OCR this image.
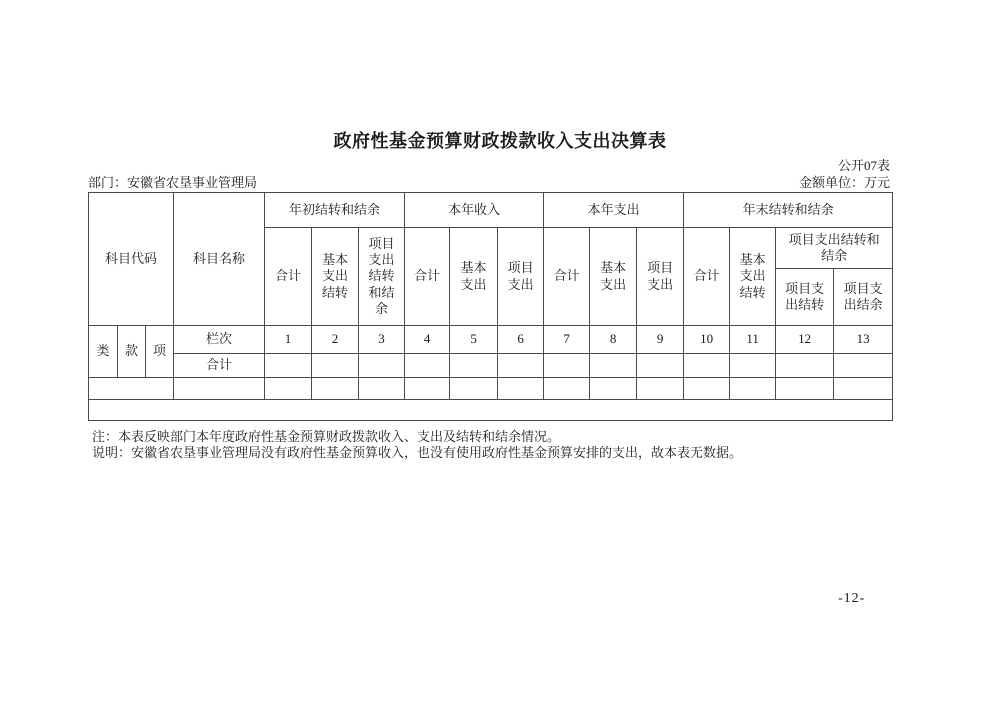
政府性基金预算财政拨款收入支出决算表
公开07表
部门：安徽省农垦事业管理局	金额单位：万元
科目代码			科目名称	年初结转和结余			本年收入			本年支出			年末结转和结余			
				合计	基本支出结转	项目支出结转和结余	合计	基本支出	项目支出	合计	基本支出	项目支出	合计	基本支出结转	项目支出结转和结余	
															项目支出结转	项目支出结余
类	款	项	栏次	1	2	3	4	5	6	7	8	9	10	11	12	13
			合计													

注：本表反映部门本年度政府性基金预算财政拨款收入、支出及结转和结余情况。
说明：安徽省农垦事业管理局没有政府性基金预算收入，也没有使用政府性基金预算安排的支出，故本表无数据。
-12-
